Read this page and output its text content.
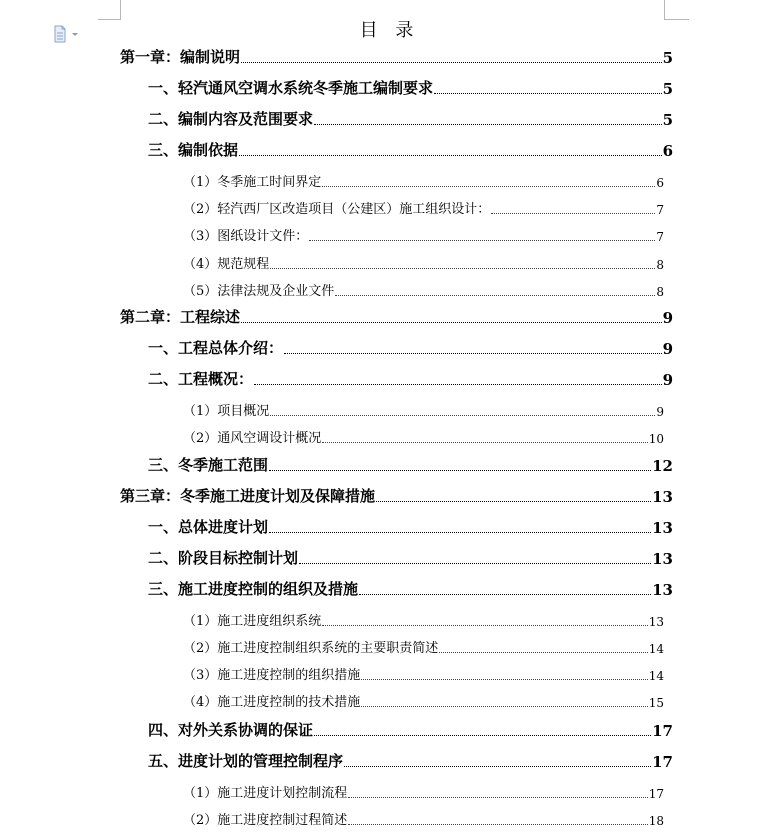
目 录
第一章：编制说明	5
一、轻汽通风空调水系统冬季施工编制要求	5
二、编制内容及范围要求	5
三、编制依据	6
（1）冬季施工时间界定	6
（2）轻汽西厂区改造项目（公建区）施工组织设计：	7
（3）图纸设计文件：	7
（4）规范规程	8
（5）法律法规及企业文件	8
第二章：工程综述	9
一、工程总体介绍：	9
二、工程概况：	9
（1）项目概况	9
（2）通风空调设计概况	10
三、冬季施工范围	12
第三章：冬季施工进度计划及保障措施	13
一、总体进度计划	13
二、阶段目标控制计划	13
三、施工进度控制的组织及措施	13
（1）施工进度组织系统	13
（2）施工进度控制组织系统的主要职责简述	14
（3）施工进度控制的组织措施	14
（4）施工进度控制的技术措施	15
四、对外关系协调的保证	17
五、进度计划的管理控制程序	17
（1）施工进度计划控制流程	17
（2）施工进度控制过程简述	18
